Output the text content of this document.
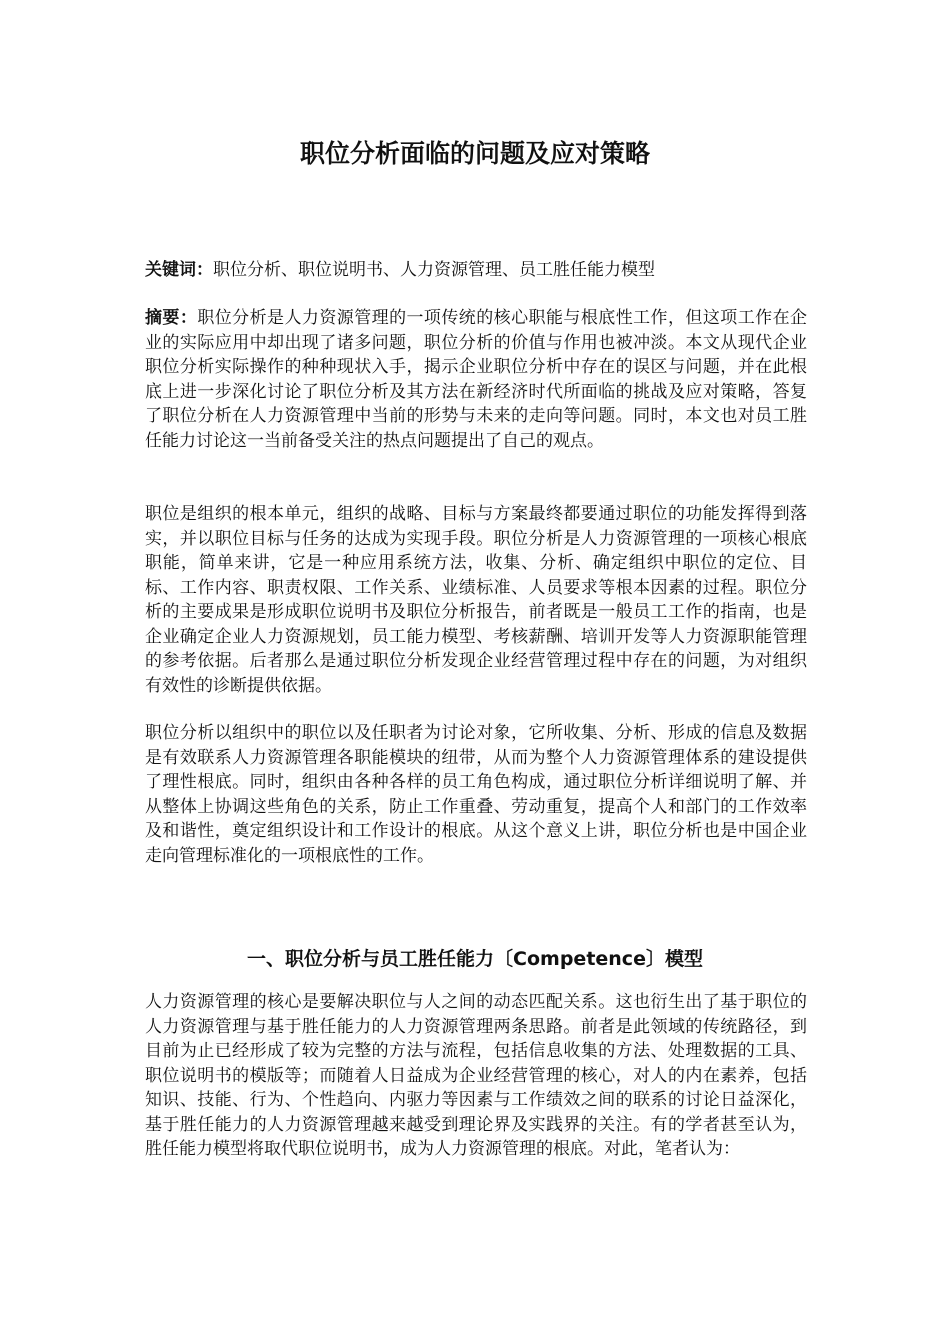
职位分析面临的问题及应对策略

关键词：职位分析、职位说明书、人力资源管理、员工胜任能力模型

摘要：职位分析是人力资源管理的一项传统的核心职能与根底性工作，但这项工作在企业的实际应用中却出现了诸多问题，职位分析的价值与作用也被冲淡。本文从现代企业职位分析实际操作的种种现状入手，揭示企业职位分析中存在的误区与问题，并在此根底上进一步深化讨论了职位分析及其方法在新经济时代所面临的挑战及应对策略，答复了职位分析在人力资源管理中当前的形势与未来的走向等问题。同时，本文也对员工胜任能力讨论这一当前备受关注的热点问题提出了自己的观点。

职位是组织的根本单元，组织的战略、目标与方案最终都要通过职位的功能发挥得到落实，并以职位目标与任务的达成为实现手段。职位分析是人力资源管理的一项核心根底职能，简单来讲，它是一种应用系统方法，收集、分析、确定组织中职位的定位、目标、工作内容、职责权限、工作关系、业绩标准、人员要求等根本因素的过程。职位分析的主要成果是形成职位说明书及职位分析报告，前者既是一般员工工作的指南，也是企业确定企业人力资源规划，员工能力模型、考核薪酬、培训开发等人力资源职能管理的参考依据。后者那么是通过职位分析发现企业经营管理过程中存在的问题，为对组织有效性的诊断提供依据。

职位分析以组织中的职位以及任职者为讨论对象，它所收集、分析、形成的信息及数据是有效联系人力资源管理各职能模块的纽带，从而为整个人力资源管理体系的建设提供了理性根底。同时，组织由各种各样的员工角色构成，通过职位分析详细说明了解、并从整体上协调这些角色的关系，防止工作重叠、劳动重复，提高个人和部门的工作效率及和谐性，奠定组织设计和工作设计的根底。从这个意义上讲，职位分析也是中国企业走向管理标准化的一项根底性的工作。

一、职位分析与员工胜任能力〔Competence〕模型

人力资源管理的核心是要解决职位与人之间的动态匹配关系。这也衍生出了基于职位的人力资源管理与基于胜任能力的人力资源管理两条思路。前者是此领域的传统路径，到目前为止已经形成了较为完整的方法与流程，包括信息收集的方法、处理数据的工具、职位说明书的模版等；而随着人日益成为企业经营管理的核心，对人的内在素养，包括知识、技能、行为、个性趋向、内驱力等因素与工作绩效之间的联系的讨论日益深化，基于胜任能力的人力资源管理越来越受到理论界及实践界的关注。有的学者甚至认为，胜任能力模型将取代职位说明书，成为人力资源管理的根底。对此，笔者认为：
